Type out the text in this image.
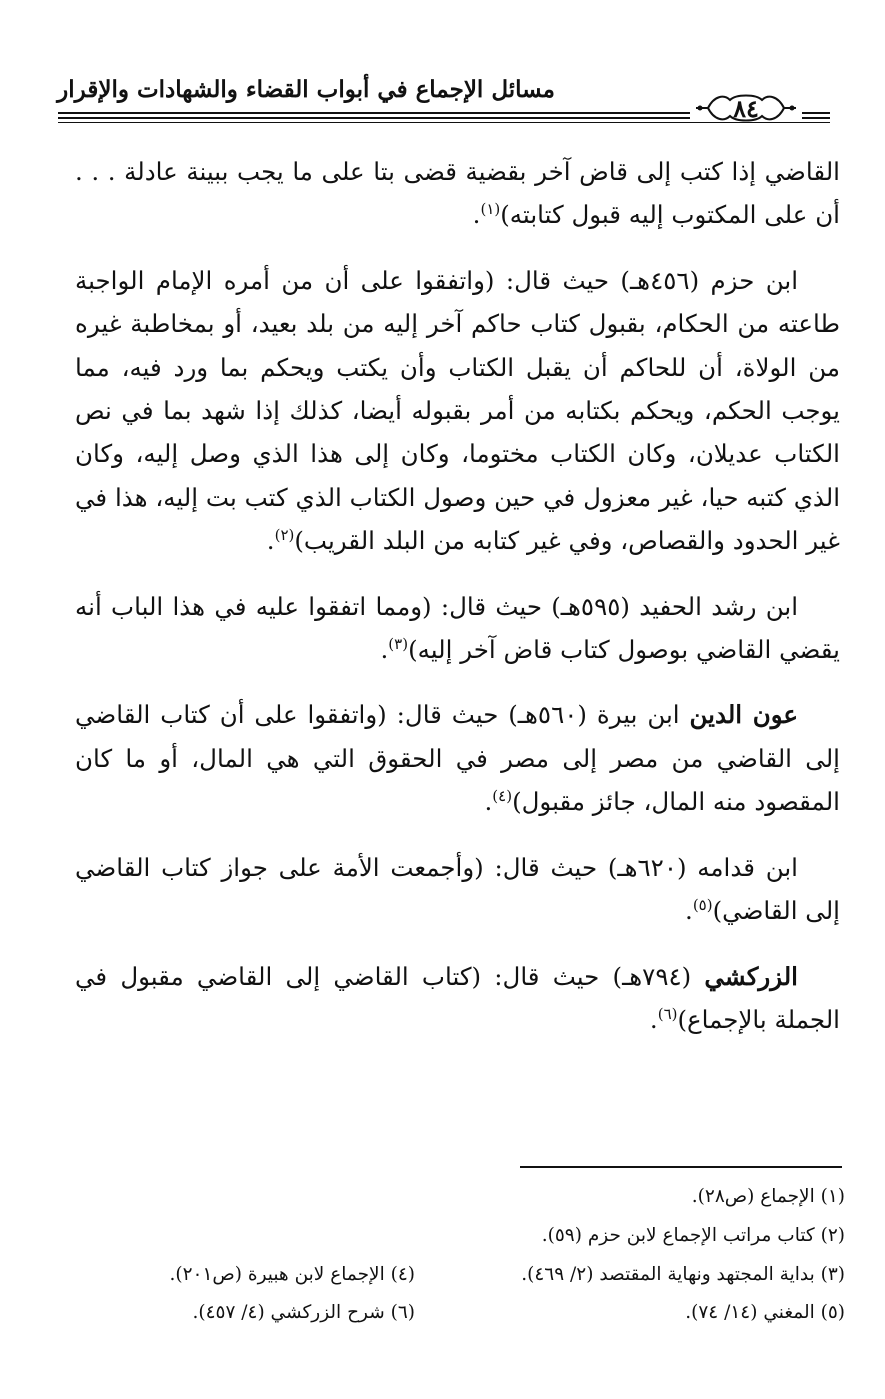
مسائل الإجماع في أبواب القضاء والشهادات والإقرار
٨٤

القاضي إذا كتب إلى قاض آخر بقضية قضى بتا على ما يجب ببينة عادلة . . . أن على المكتوب إليه قبول كتابته)$^{(١)}$.

ابن حزم (٤٥٦هـ) حيث قال: (واتفقوا على أن من أمره الإمام الواجبة طاعته من الحكام، بقبول كتاب حاكم آخر إليه من بلد بعيد، أو بمخاطبة غيره من الولاة، أن للحاكم أن يقبل الكتاب وأن يكتب ويحكم بما ورد فيه، مما يوجب الحكم، ويحكم بكتابه من أمر بقبوله أيضا، كذلك إذا شهد بما في نص الكتاب عديلان، وكان الكتاب مختوما، وكان إلى هذا الذي وصل إليه، وكان الذي كتبه حيا، غير معزول في حين وصول الكتاب الذي كتب بت إليه، هذا في غير الحدود والقصاص، وفي غير كتابه من البلد القريب)$^{(٢)}$.

ابن رشد الحفيد (٥٩٥هـ) حيث قال: (ومما اتفقوا عليه في هذا الباب أنه يقضي القاضي بوصول كتاب قاض آخر إليه)$^{(٣)}$.

عون الدين ابن بيرة (٥٦٠هـ) حيث قال: (واتفقوا على أن كتاب القاضي إلى القاضي من مصر إلى مصر في الحقوق التي هي المال، أو ما كان المقصود منه المال، جائز مقبول)$^{(٤)}$.

ابن قدامه (٦٢٠هـ) حيث قال: (وأجمعت الأمة على جواز كتاب القاضي إلى القاضي)$^{(٥)}$.

الزركشي (٧٩٤هـ) حيث قال: (كتاب القاضي إلى القاضي مقبول في الجملة بالإجماع)$^{(٦)}$.

(١) الإجماع (ص٢٨).
(٢) كتاب مراتب الإجماع لابن حزم (٥٩).
(٣) بداية المجتهد ونهاية المقتصد (٢/ ٤٦٩).
(٤) الإجماع لابن هبيرة (ص٢٠١).
(٥) المغني (١٤/ ٧٤).
(٦) شرح الزركشي (٤/ ٤٥٧).
